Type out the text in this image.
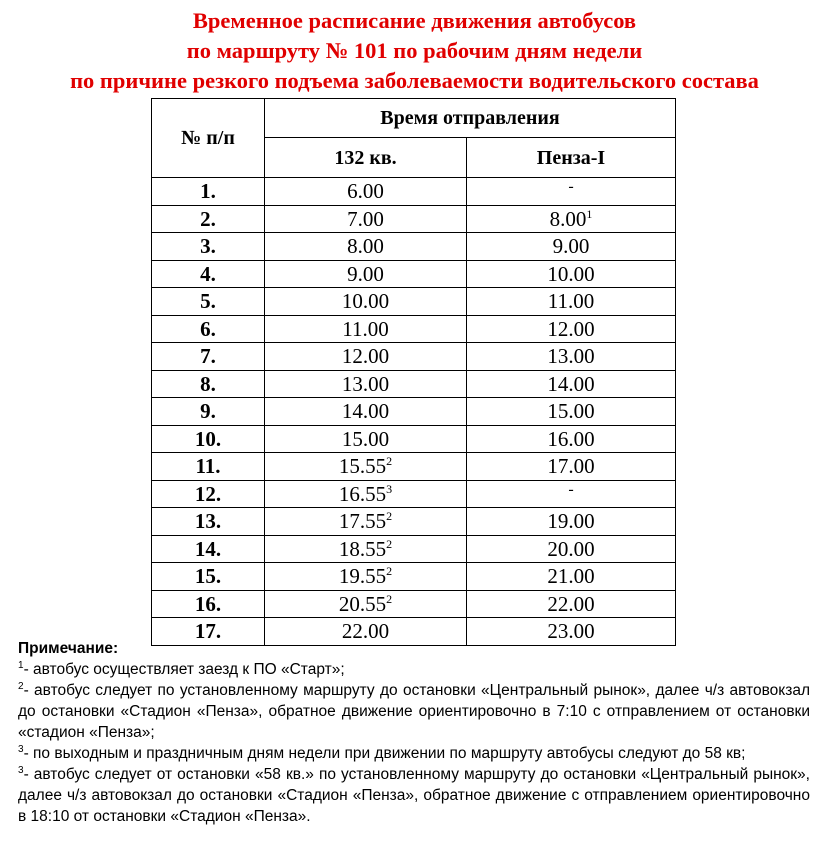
Временное расписание движения автобусов
по маршруту № 101 по рабочим дням недели
по причине резкого подъема заболеваемости водительского состава
№ п/п	Время отправления	
	132 кв.	Пенза-I
1.	6.00	-
2.	7.00	8.00$^1$
3.	8.00	9.00
4.	9.00	10.00
5.	10.00	11.00
6.	11.00	12.00
7.	12.00	13.00
8.	13.00	14.00
9.	14.00	15.00
10.	15.00	16.00
11.	15.55$^2$	17.00
12.	16.55$^3$	-
13.	17.55$^2$	19.00
14.	18.55$^2$	20.00
15.	19.55$^2$	21.00
16.	20.55$^2$	22.00
17.	22.00	23.00

Примечание:

$^1$- автобус осуществляет заезд к ПО «Старт»;

$^2$- автобус следует по установленному маршруту до остановки «Центральный рынок», далее ч/з автовокзал до остановки «Стадион «Пенза», обратное движение ориентировочно в 7:10 с отправлением от остановки «стадион «Пенза»;

$^3$- по выходным и праздничным дням недели при движении по маршруту автобусы следуют до 58 кв;

$^3$- автобус следует от остановки «58 кв.» по установленному маршруту до остановки «Центральный рынок», далее ч/з автовокзал до остановки «Стадион «Пенза», обратное движение с отправлением ориентировочно в 18:10 от остановки «Стадион «Пенза».
